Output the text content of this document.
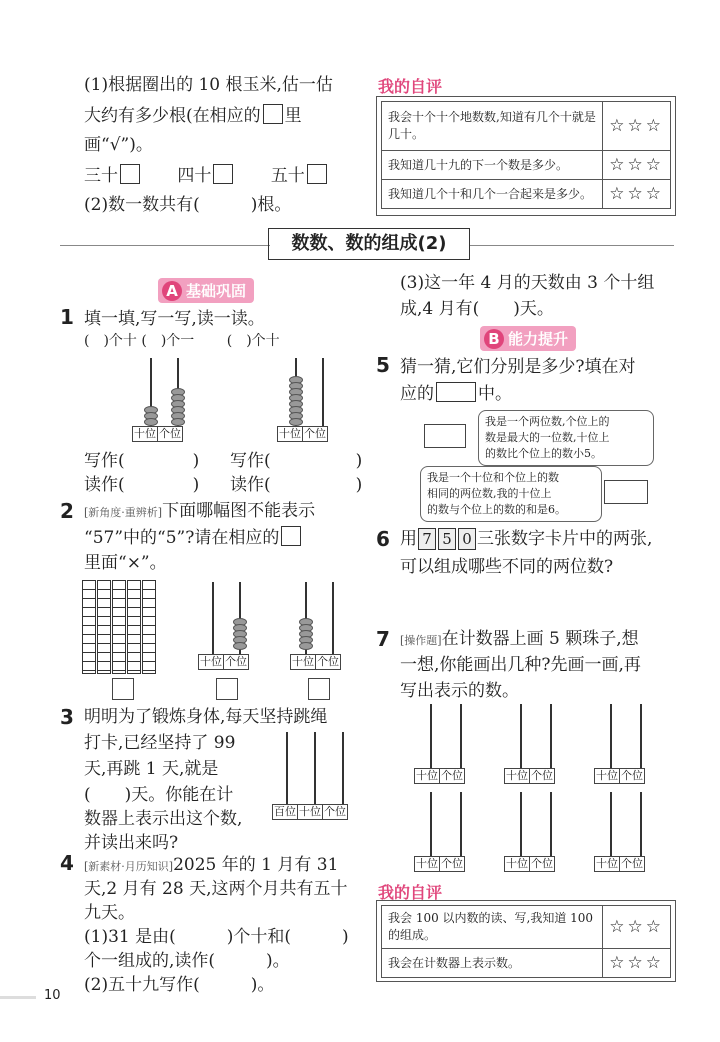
(1)根据圈出的 10 根玉米,估一估
大约有多少根(在相应的 里
画“√”)。
三十	四十	五十
(2)数一数共有(　　　)根。
我的自评
我会十个十个地数数,知道有几个十就是几十。	☆☆☆
我知道几十九的下一个数是多少。	☆☆☆
我知道几个十和几个一合起来是多少。	☆☆☆
数数、数的组成(2)
A 基础巩固
1 填一填,写一写,读一读。
(　)个十 (　)个一　　 (　)个十
十位 个位	十位 个位
写作(　　　　) 写作(　　　　　)
读作(　　　　) 读作(　　　　　)
2 [新角度·重辨析]下面哪幅图不能表示
“57”中的“5”?请在相应的
里面“×”。
十位 个位	十位 个位
3 明明为了锻炼身体,每天坚持跳绳
打卡,已经坚持了 99
天,再跳 1 天,就是
(　　)天。你能在计
数器上表示出这个数,
并读出来吗?
百位 十位 个位
4 [新素材·月历知识]2025 年的 1 月有 31
天,2 月有 28 天,这两个月共有五十
九天。
(1)31 是由(　　　)个十和(　　　)
个一组成的,读作(　　　)。
(2)五十九写作(　　　)。
(3)这一年 4 月的天数由 3 个十组
成,4 月有(　　)天。
B 能力提升
5 猜一猜,它们分别是多少?填在对
应的	中。
我是一个两位数,个位上的
数是最大的一位数,十位上
的数比个位上的数小5。
我是一个十位和个位上的数
相同的两位数,我的十位上
的数与个位上的数的和是6。
6 用 7 5 0 三张数字卡片中的两张,
可以组成哪些不同的两位数?
7 [操作题]在计数器上画 5 颗珠子,想
一想,你能画出几种?先画一画,再
写出表示的数。
十位 个位	十位 个位	十位 个位
十位 个位	十位 个位	十位 个位
我的自评
我会 100 以内数的读、写,我知道 100 的组成。	☆☆☆
我会在计数器上表示数。	☆☆☆
10
